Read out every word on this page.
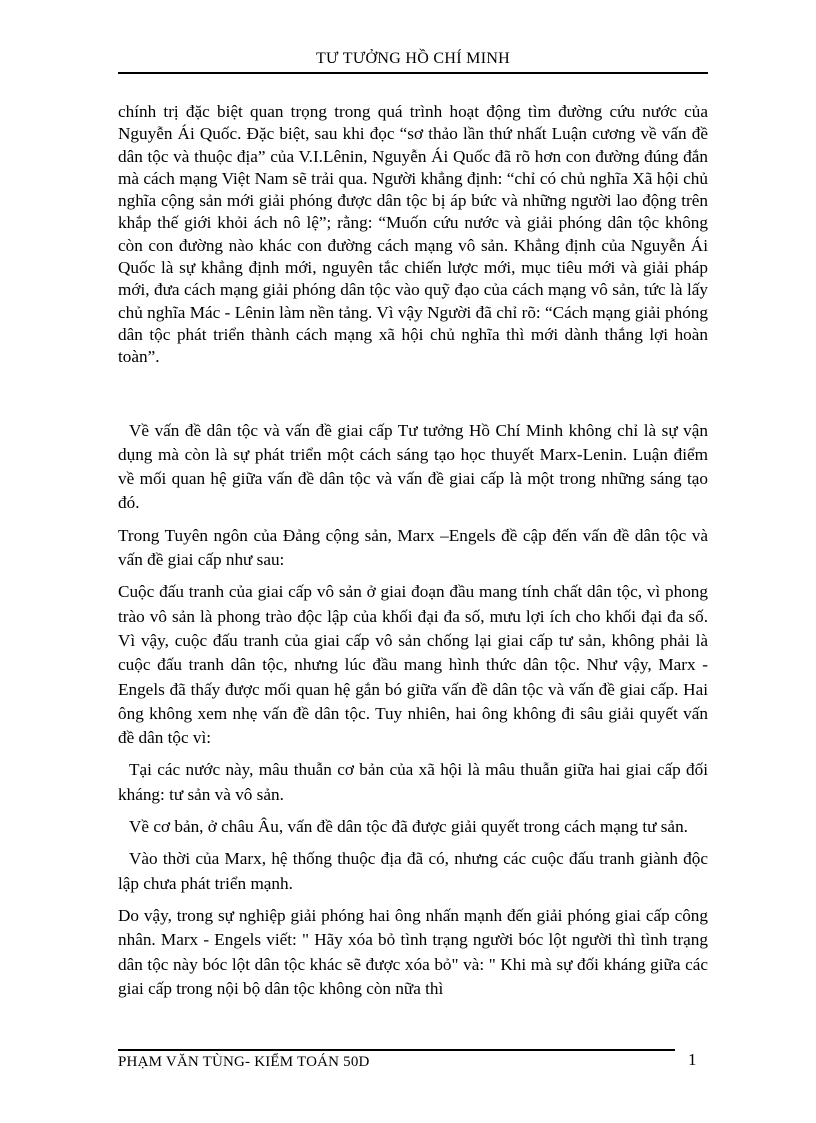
TƯ TƯỞNG HỒ CHÍ MINH

chính trị đặc biệt quan trọng trong quá trình hoạt động tìm đường cứu nước của Nguyễn Ái Quốc. Đặc biệt, sau khi đọc “sơ thảo lần thứ nhất Luận cương về vấn đề dân tộc và thuộc địa” của V.I.Lênin, Nguyễn Ái Quốc đã rõ hơn con đường đúng đắn mà cách mạng Việt Nam sẽ trải qua. Người khẳng định: “chỉ có chủ nghĩa Xã hội chủ nghĩa cộng sản mới giải phóng được dân tộc bị áp bức và những người lao động trên khắp thế giới khỏi ách nô lệ”; rằng: “Muốn cứu nước và giải phóng dân tộc không còn con đường nào khác con đường cách mạng vô sản. Khẳng định của Nguyễn Ái Quốc là sự khẳng định mới, nguyên tắc chiến lược mới, mục tiêu mới và giải pháp mới, đưa cách mạng giải phóng dân tộc vào quỹ đạo của cách mạng vô sản, tức là lấy chủ nghĩa Mác - Lênin làm nền tảng. Vì vậy Người đã chỉ rõ: “Cách mạng giải phóng dân tộc phát triển thành cách mạng xã hội chủ nghĩa thì mới dành thắng lợi hoàn toàn”.

Về vấn đề dân tộc và vấn đề giai cấp Tư tưởng Hồ Chí Minh không chỉ là sự vận dụng mà còn là sự phát triển một cách sáng tạo học thuyết Marx-Lenin. Luận điểm về mối quan hệ giữa vấn đề dân tộc và vấn đề giai cấp là một trong những sáng tạo đó.

Trong Tuyên ngôn của Đảng cộng sản, Marx –Engels đề cập đến vấn đề dân tộc và vấn đề giai cấp như sau:

Cuộc đấu tranh của giai cấp vô sản ở giai đoạn đầu mang tính chất dân tộc, vì phong trào vô sản là phong trào độc lập của khối đại đa số, mưu lợi ích cho khối đại đa số. Vì vậy, cuộc đấu tranh của giai cấp vô sản chống lại giai cấp tư sản, không phải là cuộc đấu tranh dân tộc, nhưng lúc đầu mang hình thức dân tộc. Như vậy, Marx - Engels đã thấy được mối quan hệ gắn bó giữa vấn đề dân tộc và vấn đề giai cấp. Hai ông không xem nhẹ vấn đề dân tộc. Tuy nhiên, hai ông không đi sâu giải quyết vấn đề dân tộc vì:

Tại các nước này, mâu thuẫn cơ bản của xã hội là mâu thuẫn giữa hai giai cấp đối kháng: tư sản và vô sản.

Về cơ bản, ở châu Âu, vấn đề dân tộc đã được giải quyết trong cách mạng tư sản.

Vào thời của Marx, hệ thống thuộc địa đã có, nhưng các cuộc đấu tranh giành độc lập chưa phát triển mạnh.

Do vậy, trong sự nghiệp giải phóng hai ông nhấn mạnh đến giải phóng giai cấp công nhân. Marx - Engels viết: " Hãy xóa bỏ tình trạng người bóc lột người thì tình trạng dân tộc này bóc lột dân tộc khác sẽ được xóa bỏ" và: " Khi mà sự đối kháng giữa các giai cấp trong nội bộ dân tộc không còn nữa thì

PHẠM VĂN TÙNG- KIỂM TOÁN 50D	1
